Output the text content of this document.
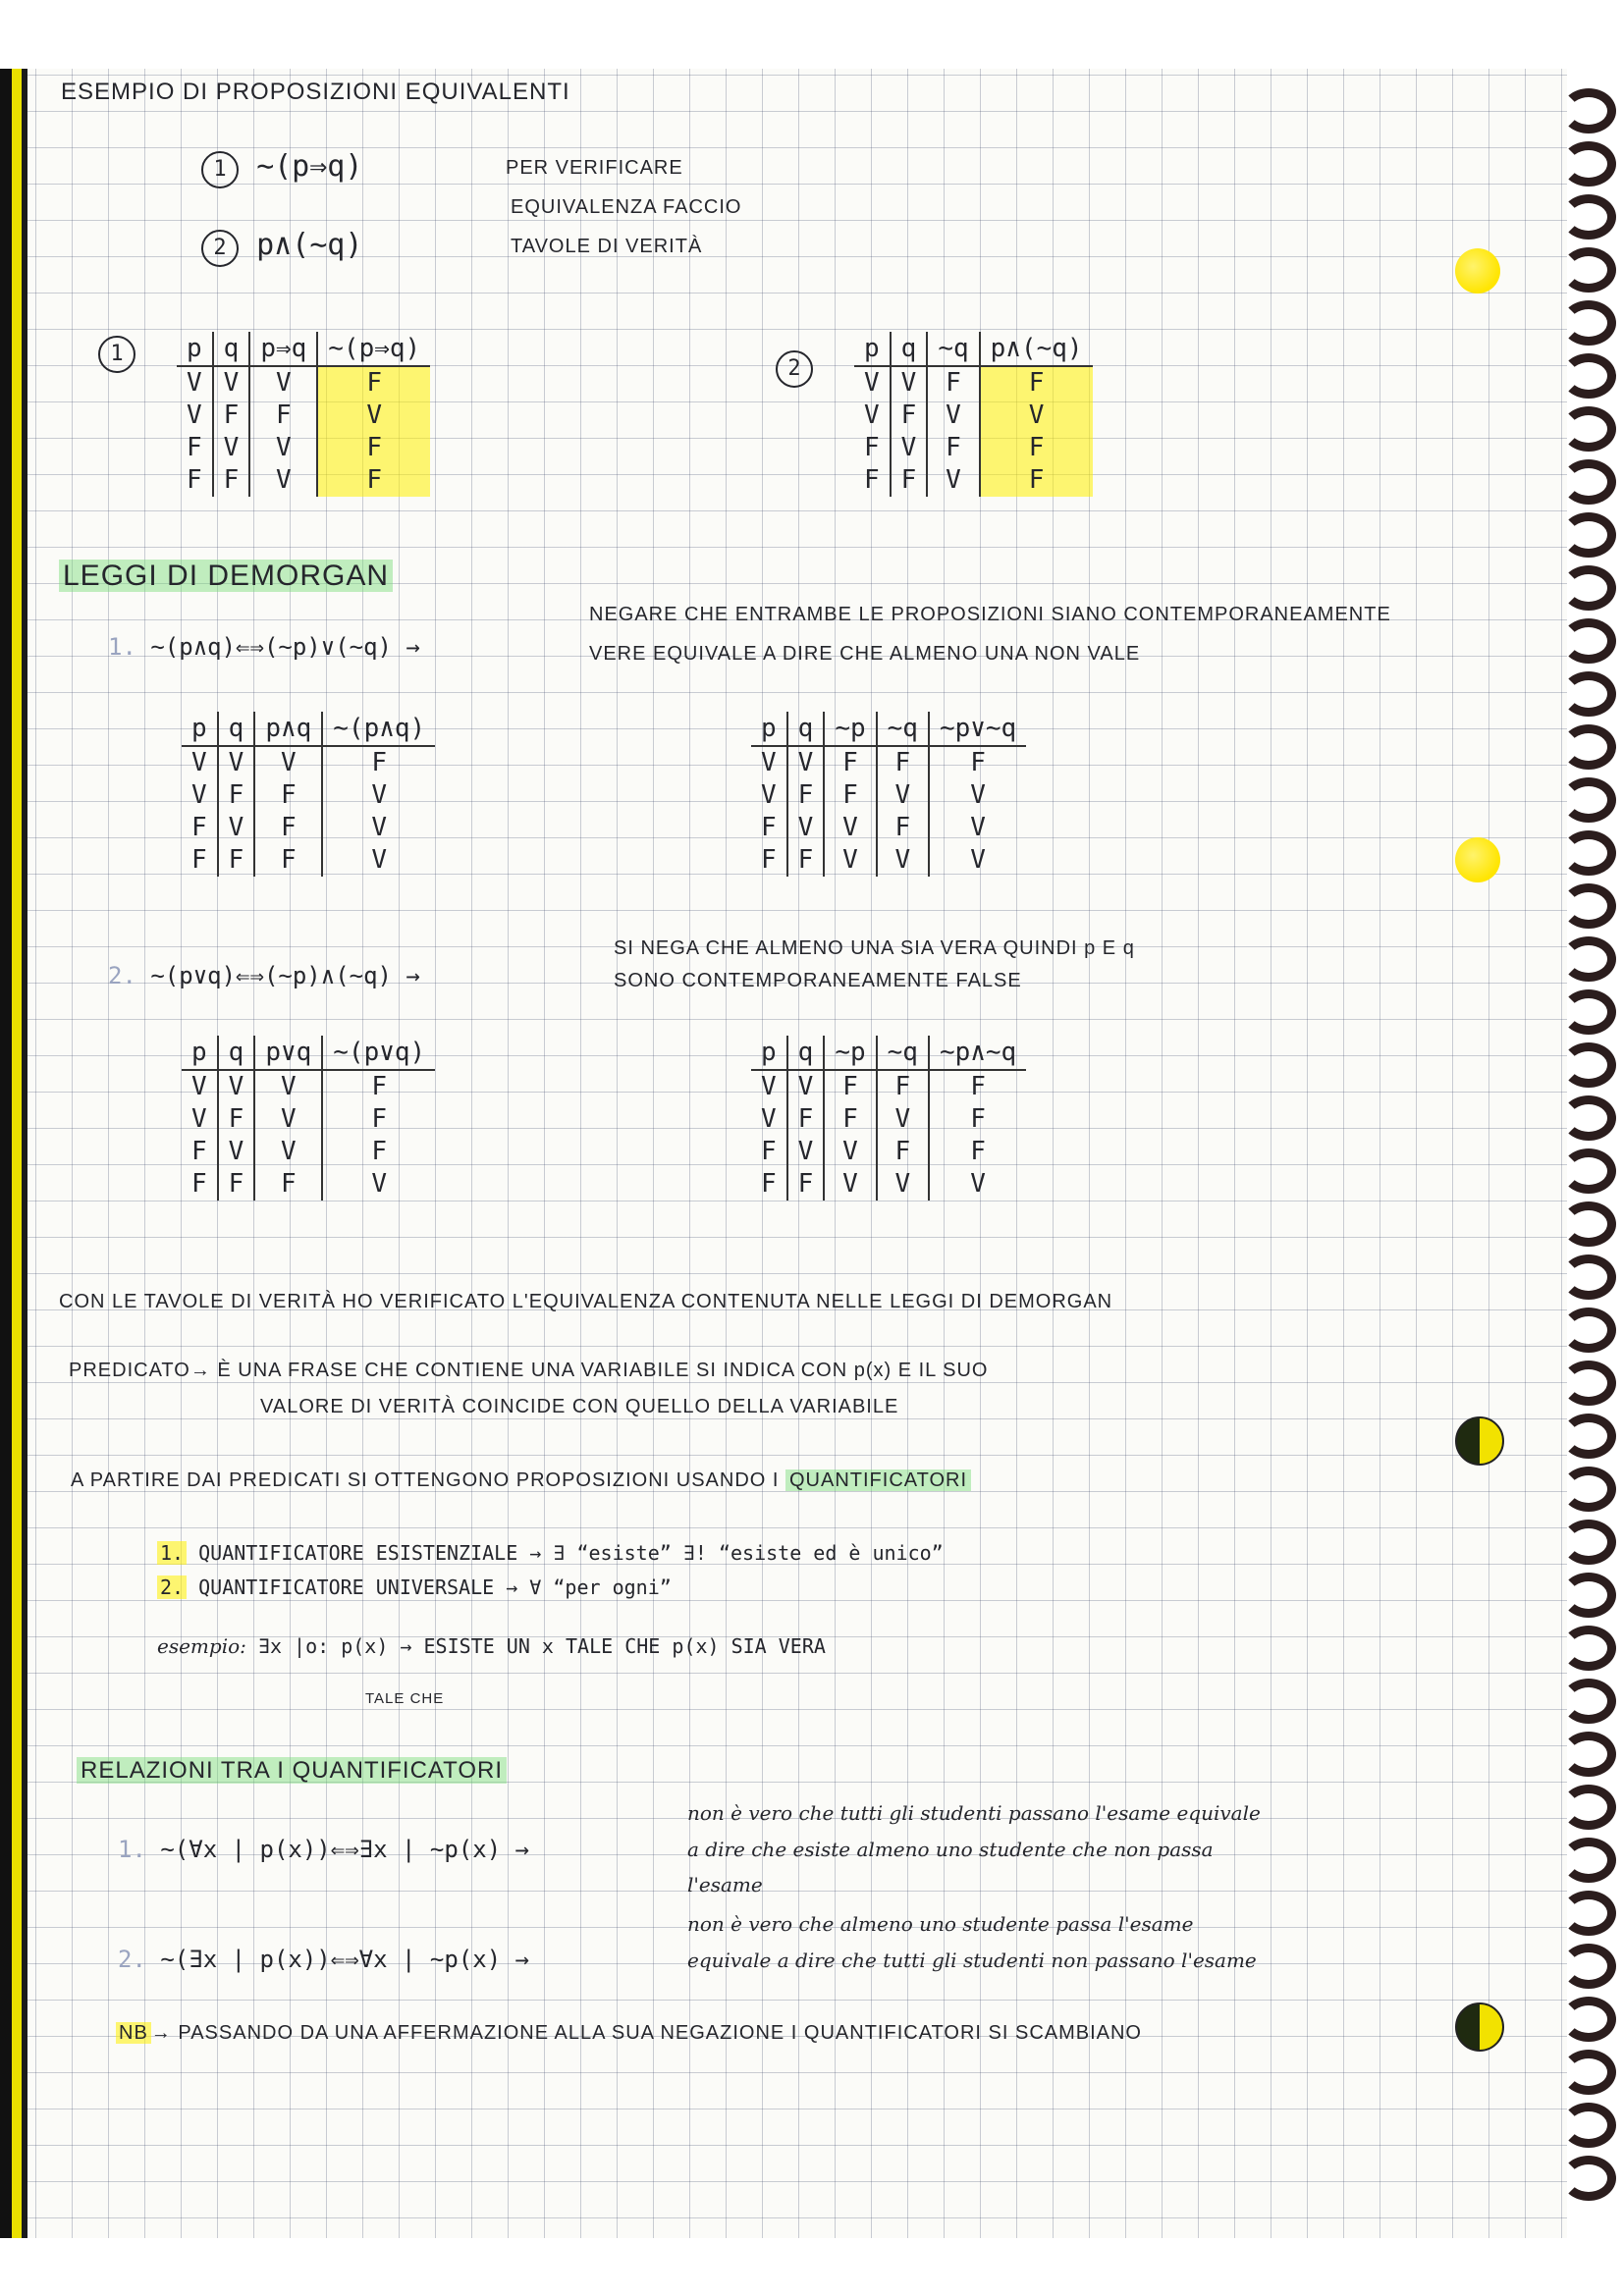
ESEMPIO DI PROPOSIZIONI EQUIVALENTI
1 ∼(p⇒q)
2 p∧(∼q)
PER VERIFICARE
EQUIVALENZA FACCIO
TAVOLE DI VERITÀ
1	p	q	p⇒q	∼(p⇒q)
V	V	V	F
V	F	F	V
F	V	V	F
F	F	V	F
2
p	q	∼q	p∧(∼q)
V	V	F	F
V	F	V	V
F	V	F	F
F	F	V	F
LEGGI DI DEMORGAN
NEGARE CHE ENTRAMBE LE PROPOSIZIONI SIANO CONTEMPORANEAMENTE
1. ∼(p∧q)⇐⇒(∼p)∨(∼q) →	VERE EQUIVALE A DIRE CHE ALMENO UNA NON VALE
p	q	p∧q	∼(p∧q)
V	V	V	F
V	F	F	V
F	V	F	V
F	F	F	V
p	q	∼p	∼q	∼p∨∼q
V	V	F	F	F
V	F	F	V	V
F	V	V	F	V
F	F	V	V	V
SI NEGA CHE ALMENO UNA SIA VERA QUINDI p E q
2. ∼(p∨q)⇐⇒(∼p)∧(∼q) →	SONO CONTEMPORANEAMENTE FALSE
p	q	p∨q	∼(p∨q)
V	V	V	F
V	F	V	F
F	V	V	F
F	F	F	V
p	q	∼p	∼q	∼p∧∼q
V	V	F	F	F
V	F	F	V	F
F	V	V	F	F
F	F	V	V	V
CON LE TAVOLE DI VERITÀ HO VERIFICATO L'EQUIVALENZA CONTENUTA NELLE LEGGI DI DEMORGAN
PREDICATO→ È UNA FRASE CHE CONTIENE UNA VARIABILE SI INDICA CON p(x) E IL SUO
VALORE DI VERITÀ COINCIDE CON QUELLO DELLA VARIABILE
A PARTIRE DAI PREDICATI SI OTTENGONO PROPOSIZIONI USANDO I QUANTIFICATORI
1. QUANTIFICATORE ESISTENZIALE → ∃ “esiste” ∃! “esiste ed è unico”
2. QUANTIFICATORE UNIVERSALE → ∀ “per ogni”
esempio: ∃x |o: p(x) → ESISTE UN x TALE CHE p(x) SIA VERA
TALE CHE
RELAZIONI TRA I QUANTIFICATORI
non è vero che tutti gli studenti passano l'esame equivale
1. ∼(∀x | p(x))⇐⇒∃x | ∼p(x) →	a dire che esiste almeno uno studente che non passa
l'esame
non è vero che almeno uno studente passa l'esame
2. ∼(∃x | p(x))⇐⇒∀x | ∼p(x) →	equivale a dire che tutti gli studenti non passano l'esame
NB → PASSANDO DA UNA AFFERMAZIONE ALLA SUA NEGAZIONE I QUANTIFICATORI SI SCAMBIANO
